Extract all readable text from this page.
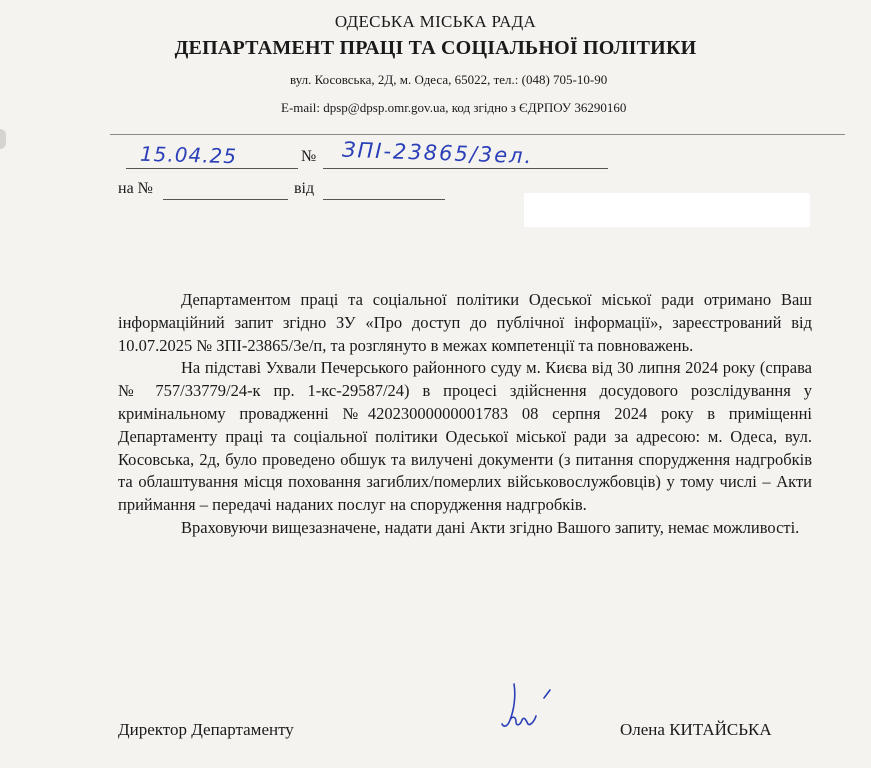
ОДЕСЬКА МІСЬКА РАДА
ДЕПАРТАМЕНТ ПРАЦІ ТА СОЦІАЛЬНОЇ ПОЛІТИКИ
вул. Косовська, 2Д, м. Одеса, 65022, тел.: (048) 705-10-90
E-mail: dpsp@dpsp.omr.gov.ua, код згідно з ЄДРПОУ 36290160
15.04.25	№ ЗПІ-23865/3ел.
на №	від

Департаментом праці та соціальної політики Одеської міської ради отримано Ваш інформаційний запит згідно ЗУ «Про доступ до публічної інформації», зареєстрований від 10.07.2025 № ЗПІ-23865/3е/п, та розглянуто в межах компетенції та повноважень.

На підставі Ухвали Печерського районного суду м. Києва від 30 липня 2024 року (справа № 757/33779/24-к пр. 1-кс-29587/24) в процесі здійснення досудового розслідування у кримінальному провадженні №42023000000001783 08 серпня 2024 року в приміщенні Департаменту праці та соціальної політики Одеської міської ради за адресою: м. Одеса, вул. Косовська, 2д, було проведено обшук та вилучені документи (з питання спорудження надгробків та облаштування місця поховання загиблих/померлих військовослужбовців) у тому числі – Акти приймання – передачі наданих послуг на спорудження надгробків.

Враховуючи вищезазначене, надати дані Акти згідно Вашого запиту, немає можливості.

Директор Департаменту	Олена КИТАЙСЬКА
